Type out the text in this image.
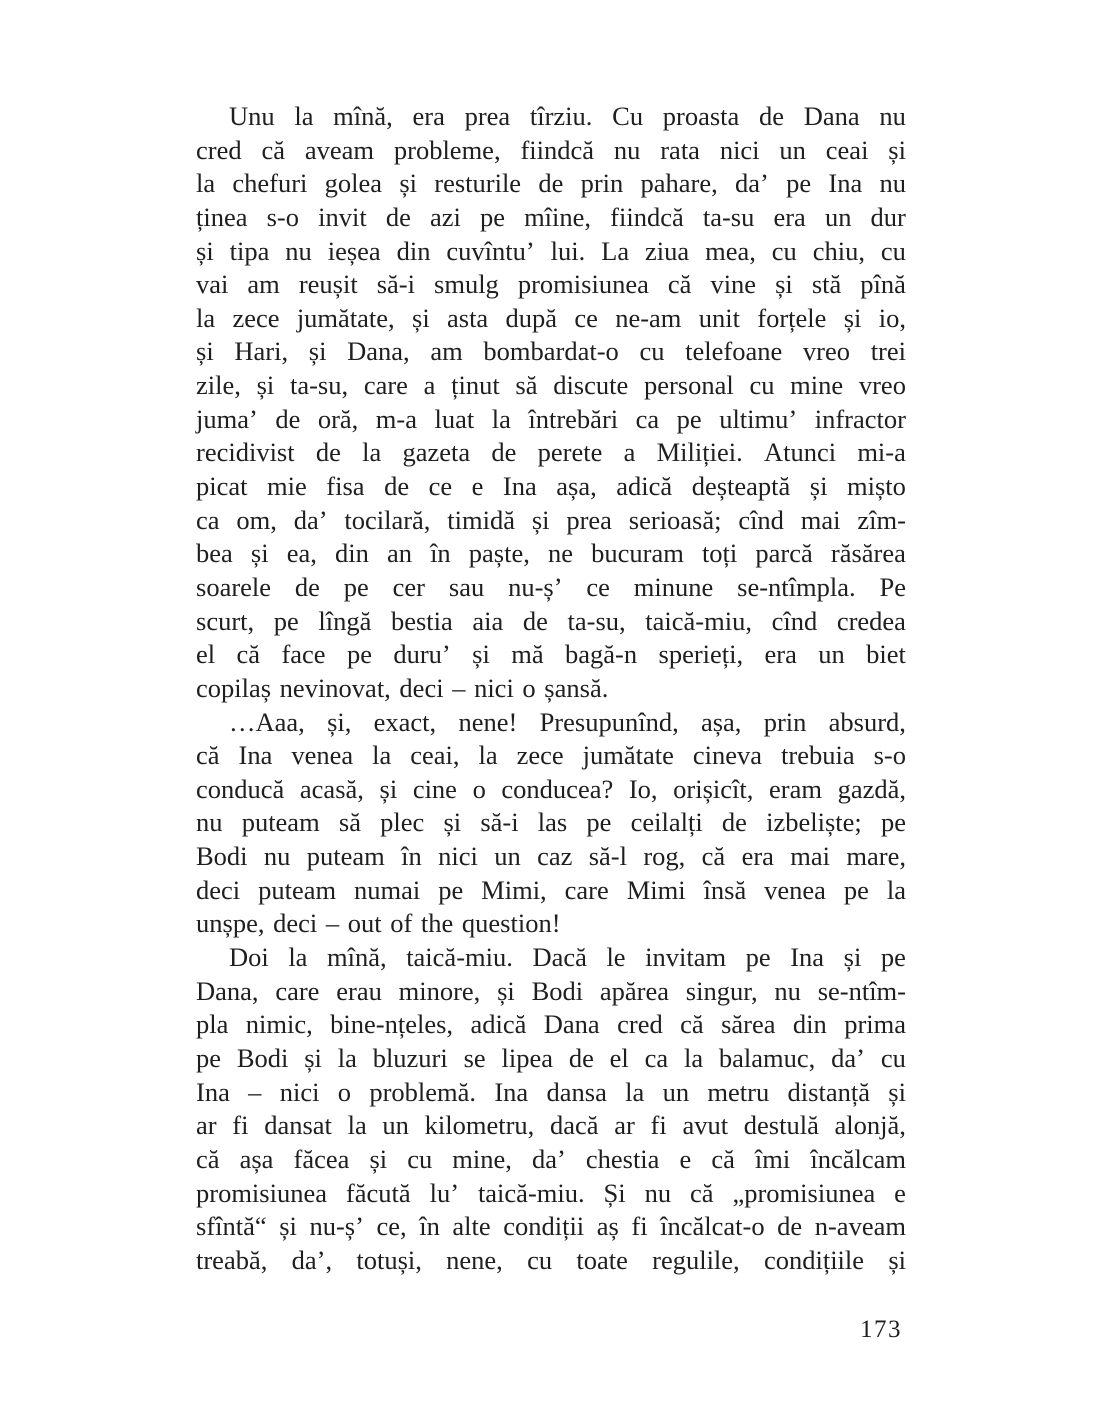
Unu la mînă, era prea tîrziu. Cu proasta de Dana nu
cred că aveam probleme, fiindcă nu rata nici un ceai și
la chefuri golea și resturile de prin pahare, da’ pe Ina nu
ținea s-o invit de azi pe mîine, fiindcă ta-su era un dur
și tipa nu ieșea din cuvîntu’ lui. La ziua mea, cu chiu, cu
vai am reușit să-i smulg promisiunea că vine și stă pînă
la zece jumătate, și asta după ce ne-am unit forțele și io,
și Hari, și Dana, am bombardat-o cu telefoane vreo trei
zile, și ta-su, care a ținut să discute personal cu mine vreo
juma’ de oră, m-a luat la întrebări ca pe ultimu’ infractor
recidivist de la gazeta de perete a Miliției. Atunci mi-a
picat mie fisa de ce e Ina așa, adică deșteaptă și mișto
ca om, da’ tocilară, timidă și prea serioasă; cînd mai zîm-
bea și ea, din an în paște, ne bucuram toți parcă răsărea
soarele de pe cer sau nu-ș’ ce minune se-ntîmpla. Pe
scurt, pe lîngă bestia aia de ta-su, taică-miu, cînd credea
el că face pe duru’ și mă bagă-n sperieți, era un biet
copilaș nevinovat, deci – nici o șansă.
…Aaa, și, exact, nene! Presupunînd, așa, prin absurd,
că Ina venea la ceai, la zece jumătate cineva trebuia s-o
conducă acasă, și cine o conducea? Io, orișicît, eram gazdă,
nu puteam să plec și să-i las pe ceilalți de izbeliște; pe
Bodi nu puteam în nici un caz să-l rog, că era mai mare,
deci puteam numai pe Mimi, care Mimi însă venea pe la
unșpe, deci – out of the question!
Doi la mînă, taică-miu. Dacă le invitam pe Ina și pe
Dana, care erau minore, și Bodi apărea singur, nu se-ntîm-
pla nimic, bine-nțeles, adică Dana cred că sărea din prima
pe Bodi și la bluzuri se lipea de el ca la balamuc, da’ cu
Ina – nici o problemă. Ina dansa la un metru distanță și
ar fi dansat la un kilometru, dacă ar fi avut destulă alonjă,
că așa făcea și cu mine, da’ chestia e că îmi încălcam
promisiunea făcută lu’ taică-miu. Și nu că „promisiunea e
sfîntă“ și nu-ș’ ce, în alte condiții aș fi încălcat-o de n-aveam
treabă, da’, totuși, nene, cu toate regulile, condițiile și
173
